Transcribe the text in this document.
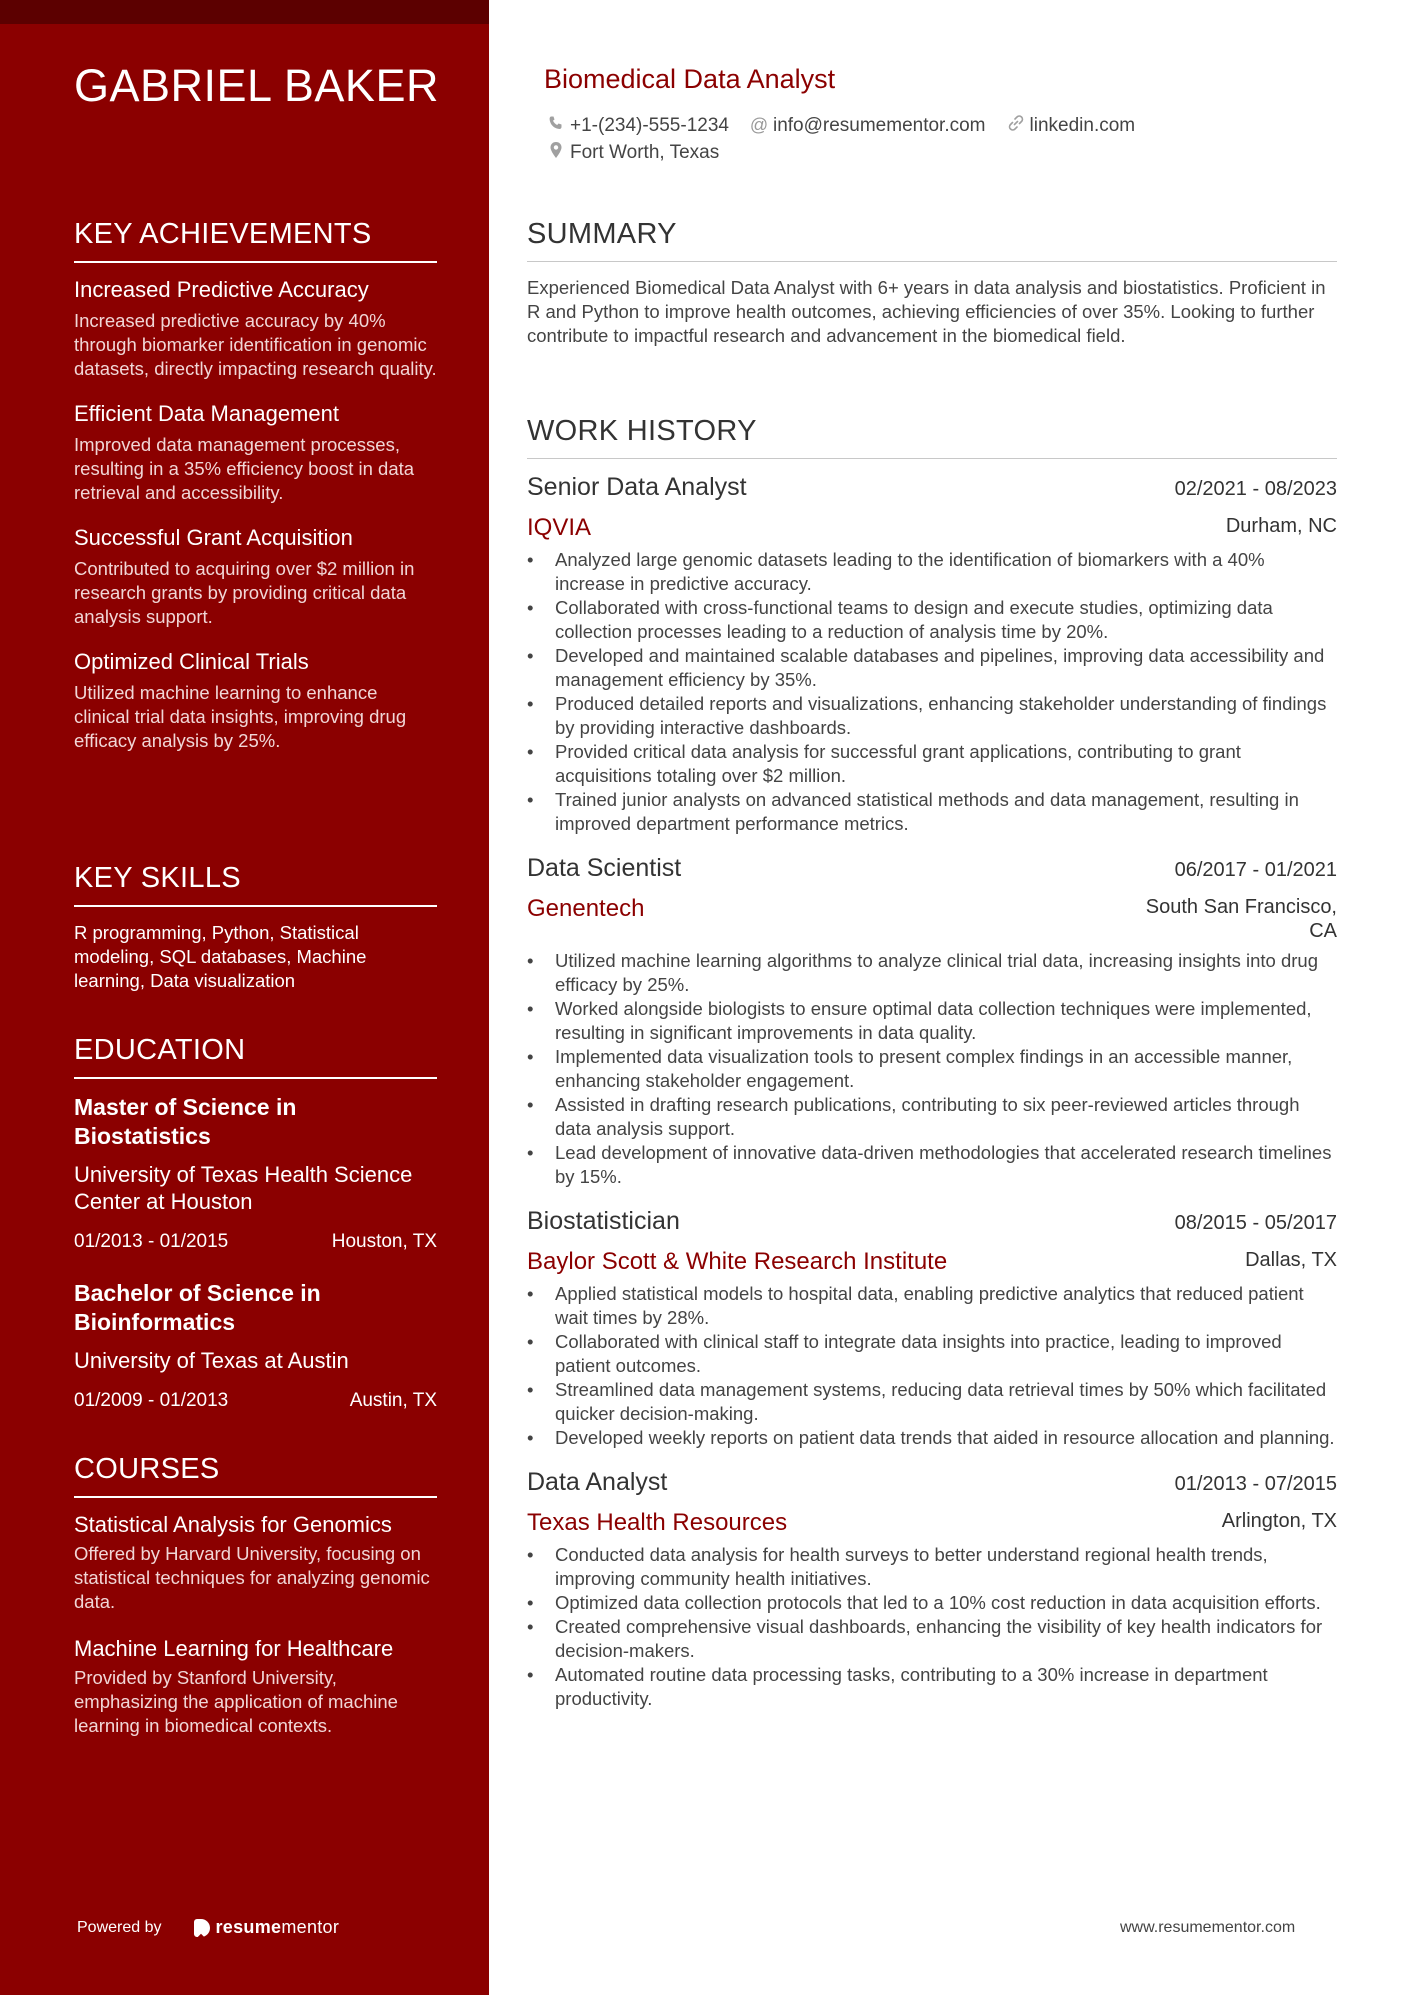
GABRIEL BAKER
KEY ACHIEVEMENTS
Increased Predictive Accuracy
Increased predictive accuracy by 40% through biomarker identification in genomic datasets, directly impacting research quality.
Efficient Data Management
Improved data management processes, resulting in a 35% efficiency boost in data retrieval and accessibility.
Successful Grant Acquisition
Contributed to acquiring over $2 million in research grants by providing critical data analysis support.
Optimized Clinical Trials
Utilized machine learning to enhance clinical trial data insights, improving drug efficacy analysis by 25%.
KEY SKILLS
R programming, Python, Statistical modeling, SQL databases, Machine learning, Data visualization
EDUCATION
Master of Science in Biostatistics
University of Texas Health Science Center at Houston
01/2013 - 01/2015	Houston, TX
Bachelor of Science in Bioinformatics
University of Texas at Austin
01/2009 - 01/2013	Austin, TX
COURSES
Statistical Analysis for Genomics
Offered by Harvard University, focusing on statistical techniques for analyzing genomic data.
Machine Learning for Healthcare
Provided by Stanford University, emphasizing the application of machine learning in biomedical contexts.
Powered by	resume mentor
Biomedical Data Analyst
+1-(234)-555-1234 @ info@resumementor.com linkedin.com
Fort Worth, Texas
SUMMARY
Experienced Biomedical Data Analyst with 6+ years in data analysis and biostatistics. Proficient in R and Python to improve health outcomes, achieving efficiencies of over 35%. Looking to further contribute to impactful research and advancement in the biomedical field.
WORK HISTORY
Senior Data Analyst	02/2021 - 08/2023
IQVIA	Durham, NC
• Analyzed large genomic datasets leading to the identification of biomarkers with a 40% increase in predictive accuracy.
• Collaborated with cross-functional teams to design and execute studies, optimizing data collection processes leading to a reduction of analysis time by 20%.
• Developed and maintained scalable databases and pipelines, improving data accessibility and management efficiency by 35%.
• Produced detailed reports and visualizations, enhancing stakeholder understanding of findings by providing interactive dashboards.
• Provided critical data analysis for successful grant applications, contributing to grant acquisitions totaling over $2 million.
• Trained junior analysts on advanced statistical methods and data management, resulting in improved department performance metrics.
Data Scientist	06/2017 - 01/2021
Genentech	South San Francisco, CA
• Utilized machine learning algorithms to analyze clinical trial data, increasing insights into drug efficacy by 25%.
• Worked alongside biologists to ensure optimal data collection techniques were implemented, resulting in significant improvements in data quality.
• Implemented data visualization tools to present complex findings in an accessible manner, enhancing stakeholder engagement.
• Assisted in drafting research publications, contributing to six peer-reviewed articles through data analysis support.
• Lead development of innovative data-driven methodologies that accelerated research timelines by 15%.
Biostatistician	08/2015 - 05/2017
Baylor Scott & White Research Institute	Dallas, TX
• Applied statistical models to hospital data, enabling predictive analytics that reduced patient wait times by 28%.
• Collaborated with clinical staff to integrate data insights into practice, leading to improved patient outcomes.
• Streamlined data management systems, reducing data retrieval times by 50% which facilitated quicker decision-making.
• Developed weekly reports on patient data trends that aided in resource allocation and planning.
Data Analyst	01/2013 - 07/2015
Texas Health Resources	Arlington, TX
• Conducted data analysis for health surveys to better understand regional health trends, improving community health initiatives.
• Optimized data collection protocols that led to a 10% cost reduction in data acquisition efforts.
• Created comprehensive visual dashboards, enhancing the visibility of key health indicators for decision-makers.
• Automated routine data processing tasks, contributing to a 30% increase in department productivity.
www.resumementor.com
